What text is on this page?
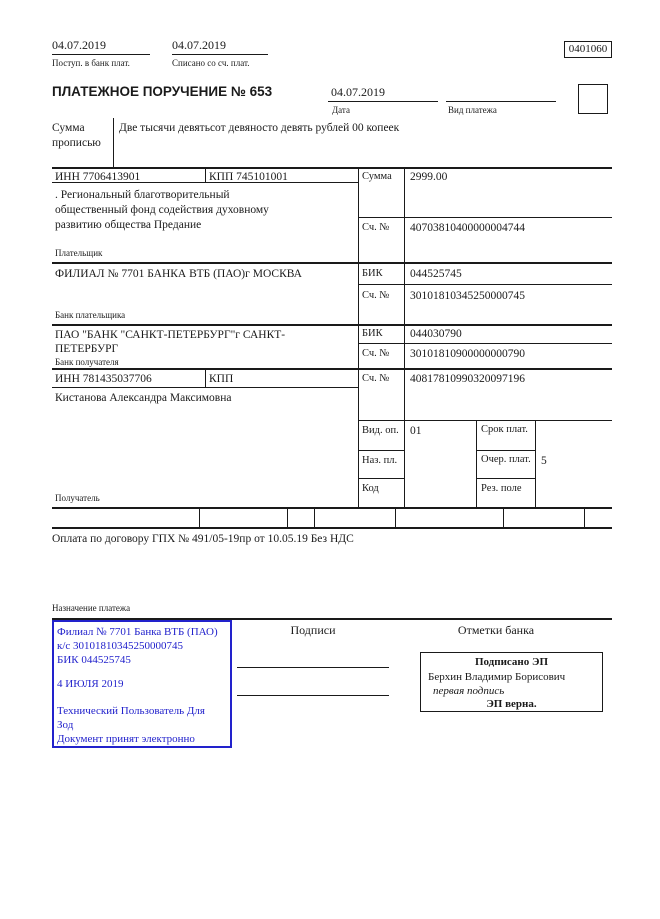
04.07.2019
Поступ. в банк плат.
04.07.2019
Списано со сч. плат.
0401060
ПЛАТЕЖНОЕ ПОРУЧЕНИЕ № 653	04.07.2019
Дата	Вид платежа
Сумма прописью
Две тысячи девятьсот девяносто девять рублей 00 копеек
ИНН 7706413901	КПП 745101001	Сумма 2999.00
. Региональный благотворительный
общественный фонд содействия духовному
развитию общества Предание
Плательщик
Сч. № 40703810400000004744
ФИЛИАЛ № 7701 БАНКА ВТБ (ПАО)г МОСКВА
Банк плательщика
БИК 044525745
Сч. № 30101810345250000745
ПАО "БАНК "САНКТ-ПЕТЕРБУРГ"г САНКТ-
ПЕТЕРБУРГ
Банк получателя
БИК 044030790
Сч. № 30101810900000000790
ИНН 781435037706	КПП
Кистанова Александра Максимовна
Получатель
Сч. № 40817810990320097196
Вид. оп. 01	Срок плат.
Наз. пл.	Очер. плат. 5
Код	Рез. поле
Оплата по договору ГПХ № 491/05-19пр от 10.05.19 Без НДС
Назначение платежа
Филиал № 7701 Банка ВТБ (ПАО)
к/с 30101810345250000745
БИК 044525745
4 ИЮЛЯ 2019
Технический Пользователь Для
Зод
Документ принят электронно
Подписи	Отметки банка
Подписано ЭП
Берхин Владимир Борисович
первая подпись
ЭП верна.
